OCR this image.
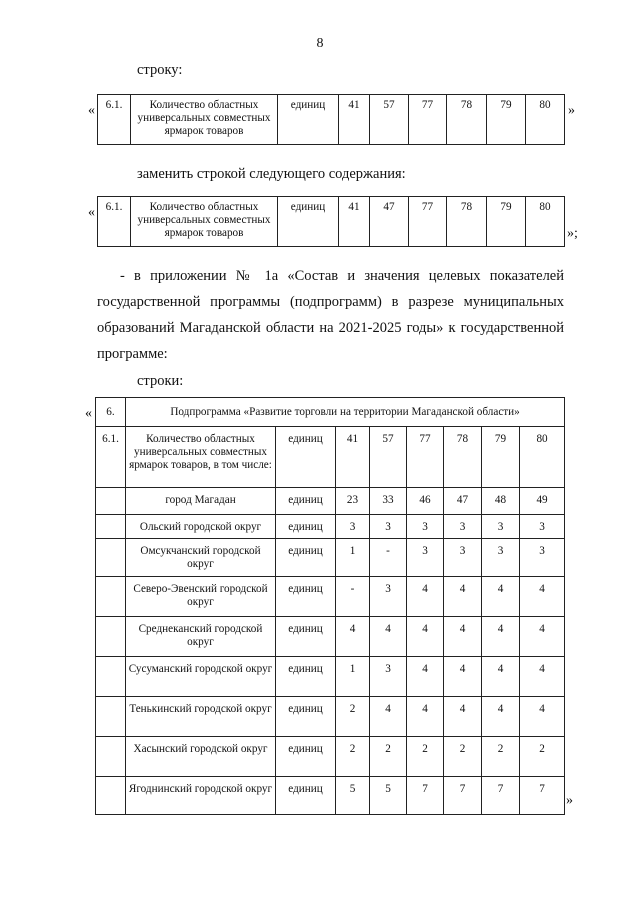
8
строку:
« 6.1.	Количество областных универсальных совместных ярмарок товаров	единиц	41	57	77	78	79	80 »
заменить строкой следующего содержания:
« 6.1.	Количество областных универсальных совместных ярмарок товаров	единиц	41	47	77	78	79	80
»;
- в приложении № 1а «Состав и значения целевых показателей
государственной программы (подпрограмм) в разрезе муниципальных
образований Магаданской области на 2021-2025 годы» к государственной
программе:
строки:
« 6.	Подпрограмма «Развитие торговли на территории Магаданской области»							
6.1.	Количество областных универсальных совместных ярмарок товаров, в том числе:	единиц	41	57	77	78	79	80
	город Магадан	единиц	23	33	46	47	48	49
	Ольский городской округ	единиц	3	3	3	3	3	3
	Омсукчанский городской округ	единиц	1	-	3	3	3	3
	Северо-Эвенский городской округ	единиц	-	3	4	4	4	4
	Среднеканский городской округ	единиц	4	4	4	4	4	4
	Сусуманский городской округ	единиц	1	3	4	4	4	4
	Тенькинский городской округ	единиц	2	4	4	4	4	4
	Хасынский городской округ	единиц	2	2	2	2	2	2
	Ягоднинский городской округ	единиц	5	5	7	7	7	7
»
